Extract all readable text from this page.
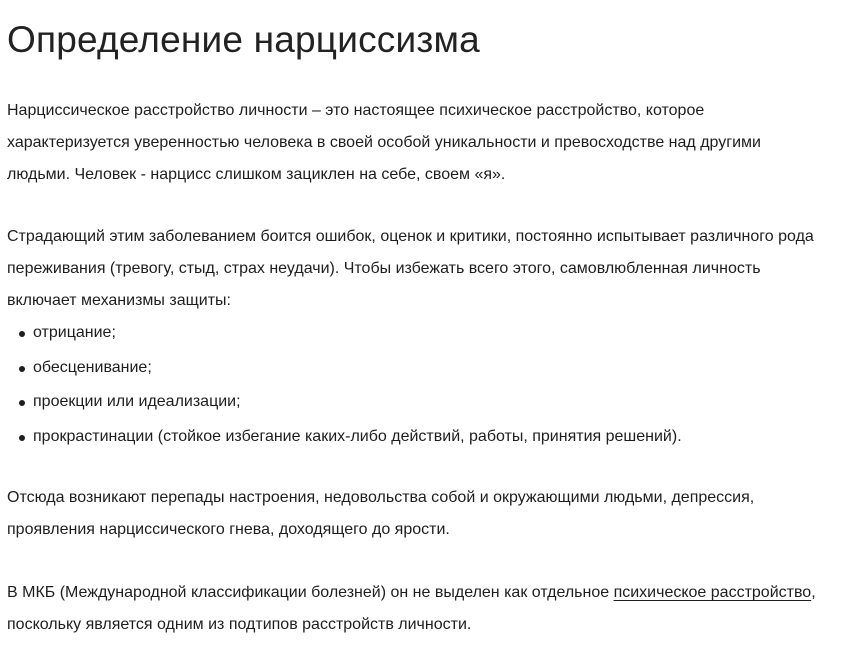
Определение нарциссизма

Нарциссическое расстройство личности – это настоящее психическое расстройство, которое
характеризуется уверенностью человека в своей особой уникальности и превосходстве над другими
людьми. Человек - нарцисс слишком зациклен на себе, своем «я».

Страдающий этим заболеванием боится ошибок, оценок и критики, постоянно испытывает различного рода
переживания (тревогу, стыд, страх неудачи). Чтобы избежать всего этого, самовлюбленная личность
включает механизмы защиты:

отрицание;
обесценивание;
проекции или идеализации;
прокрастинации (стойкое избегание каких-либо действий, работы, принятия решений).

Отсюда возникают перепады настроения, недовольства собой и окружающими людьми, депрессия,
проявления нарциссического гнева, доходящего до ярости.

В МКБ (Международной классификации болезней) он не выделен как отдельное психическое расстройство,
поскольку является одним из подтипов расстройств личности.
